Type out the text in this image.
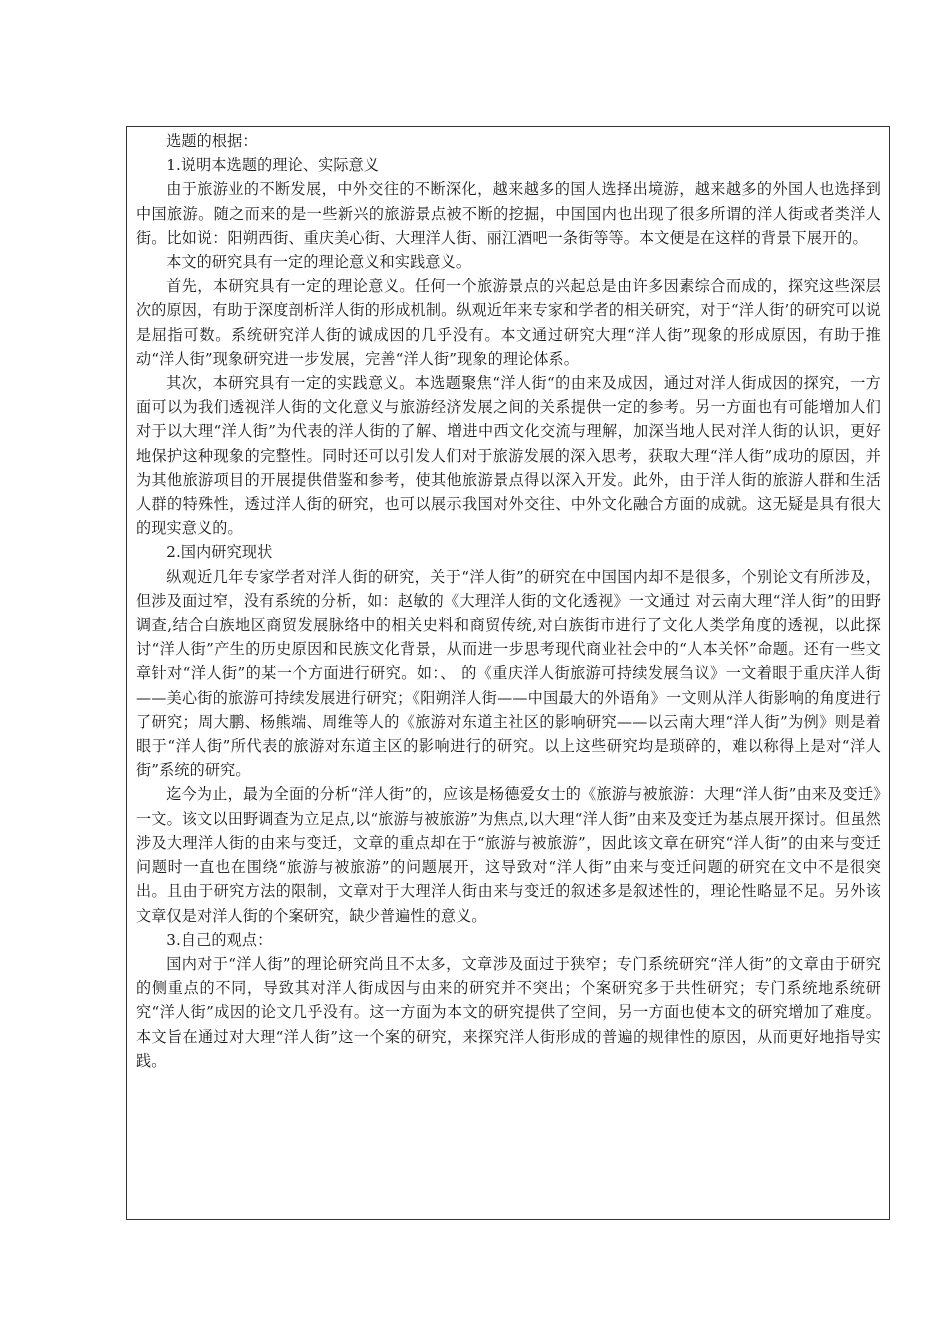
选题的根据：

1.说明本选题的理论、实际意义

由于旅游业的不断发展，中外交往的不断深化，越来越多的国人选择出境游，越来越多的外国人也选择到中国旅游。随之而来的是一些新兴的旅游景点被不断的挖掘，中国国内也出现了很多所谓的洋人街或者类洋人街。比如说：阳朔西街、重庆美心街、大理洋人街、丽江酒吧一条街等等。本文便是在这样的背景下展开的。

本文的研究具有一定的理论意义和实践意义。

首先，本研究具有一定的理论意义。任何一个旅游景点的兴起总是由许多因素综合而成的，探究这些深层次的原因，有助于深度剖析洋人街的形成机制。纵观近年来专家和学者的相关研究，对于“洋人街’的研究可以说是屈指可数。系统研究洋人街的诚成因的几乎没有。本文通过研究大理“洋人街”现象的形成原因，有助于推动“洋人街”现象研究进一步发展，完善“洋人街”现象的理论体系。

其次，本研究具有一定的实践意义。本选题聚焦“洋人街“的由来及成因，通过对洋人街成因的探究，一方面可以为我们透视洋人街的文化意义与旅游经济发展之间的关系提供一定的参考。另一方面也有可能增加人们对于以大理“洋人街”为代表的洋人街的了解、增进中西文化交流与理解，加深当地人民对洋人街的认识，更好地保护这种现象的完整性。同时还可以引发人们对于旅游发展的深入思考，获取大理“洋人街”成功的原因，并为其他旅游项目的开展提供借鉴和参考，使其他旅游景点得以深入开发。此外，由于洋人街的旅游人群和生活人群的特殊性，透过洋人街的研究，也可以展示我国对外交往、中外文化融合方面的成就。这无疑是具有很大的现实意义的。

2.国内研究现状

纵观近几年专家学者对洋人街的研究，关于“洋人街”的研究在中国国内却不是很多，个别论文有所涉及，但涉及面过窄，没有系统的分析，如：赵敏的《大理洋人街的文化透视》一文通过 对云南大理“洋人街”的田野调查,结合白族地区商贸发展脉络中的相关史料和商贸传统,对白族街市进行了文化人类学角度的透视，以此探讨“洋人街”产生的历史原因和民族文化背景，从而进一步思考现代商业社会中的“人本关怀”命题。还有一些文章针对“洋人街”的某一个方面进行研究。如：、 的《重庆洋人街旅游可持续发展刍议》一文着眼于重庆洋人街——美心街的旅游可持续发展进行研究；《阳朔洋人街——中国最大的外语角》一文则从洋人街影响的角度进行了研究；周大鹏、杨熊端、周维等人的《旅游对东道主社区的影响研究——以云南大理“洋人街”为例》则是着眼于“洋人街”所代表的旅游对东道主区的影响进行的研究。以上这些研究均是琐碎的，难以称得上是对“洋人街”系统的研究。

迄今为止，最为全面的分析“洋人街”的，应该是杨德爱女士的《旅游与被旅游：大理“洋人街”由来及变迁》一文。该文以田野调查为立足点,以“旅游与被旅游”为焦点,以大理“洋人街”由来及变迁为基点展开探讨。但虽然涉及大理洋人街的由来与变迁，文章的重点却在于“旅游与被旅游”，因此该文章在研究“洋人街”的由来与变迁问题时一直也在围绕“旅游与被旅游”的问题展开，这导致对“洋人街”由来与变迁问题的研究在文中不是很突出。且由于研究方法的限制，文章对于大理洋人街由来与变迁的叙述多是叙述性的，理论性略显不足。另外该文章仅是对洋人街的个案研究，缺少普遍性的意义。

3.自己的观点：

国内对于“洋人街”的理论研究尚且不太多，文章涉及面过于狭窄；专门系统研究“洋人街”的文章由于研究的侧重点的不同，导致其对洋人街成因与由来的研究并不突出；个案研究多于共性研究；专门系统地系统研究“洋人街”成因的论文几乎没有。这一方面为本文的研究提供了空间，另一方面也使本文的研究增加了难度。本文旨在通过对大理“洋人街”这一个案的研究，来探究洋人街形成的普遍的规律性的原因，从而更好地指导实践。
